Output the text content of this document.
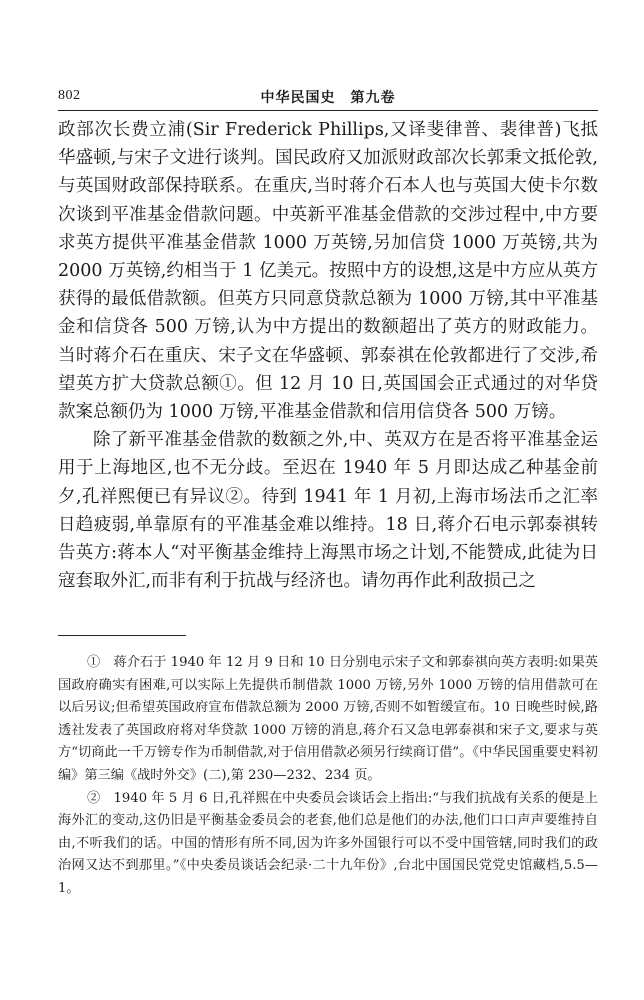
802	中华民国史　第九卷

政部次长费立浦(Sir Frederick Phillips,又译斐律普、裴律普)飞抵华盛顿,与宋子文进行谈判。国民政府又加派财政部次长郭秉文抵伦敦,与英国财政部保持联系。在重庆,当时蒋介石本人也与英国大使卡尔数次谈到平准基金借款问题。中英新平准基金借款的交涉过程中,中方要求英方提供平准基金借款 1000 万英镑,另加信贷 1000 万英镑,共为 2000 万英镑,约相当于 1 亿美元。按照中方的设想,这是中方应从英方获得的最低借款额。但英方只同意贷款总额为 1000 万镑,其中平准基金和信贷各 500 万镑,认为中方提出的数额超出了英方的财政能力。当时蒋介石在重庆、宋子文在华盛顿、郭泰祺在伦敦都进行了交涉,希望英方扩大贷款总额①。但 12 月 10 日,英国国会正式通过的对华贷款案总额仍为 1000 万镑,平准基金借款和信用信贷各 500 万镑。

除了新平准基金借款的数额之外,中、英双方在是否将平准基金运用于上海地区,也不无分歧。至迟在 1940 年 5 月即达成乙种基金前夕,孔祥熙便已有异议②。待到 1941 年 1 月初,上海市场法币之汇率日趋疲弱,单靠原有的平准基金难以维持。18 日,蒋介石电示郭泰祺转告英方:蒋本人“对平衡基金维持上海黑市场之计划,不能赞成,此徒为日寇套取外汇,而非有利于抗战与经济也。请勿再作此利敌损己之

①　蒋介石于 1940 年 12 月 9 日和 10 日分别电示宋子文和郭泰祺向英方表明:如果英国政府确实有困难,可以实际上先提供币制借款 1000 万镑,另外 1000 万镑的信用借款可在以后另议;但希望英国政府宣布借款总额为 2000 万镑,否则不如暂缓宣布。10 日晚些时候,路透社发表了英国政府将对华贷款 1000 万镑的消息,蒋介石又急电郭泰祺和宋子文,要求与英方“切商此一千万镑专作为币制借款,对于信用借款必须另行续商订借”。《中华民国重要史料初编》第三编《战时外交》(二),第 230—232、234 页。

②　1940 年 5 月 6 日,孔祥熙在中央委员会谈话会上指出:“与我们抗战有关系的便是上海外汇的变动,这仍旧是平衡基金委员会的老套,他们总是他们的办法,他们口口声声要维持自由,不听我们的话。中国的情形有所不同,因为许多外国银行可以不受中国管辖,同时我们的政治网又达不到那里。”《中央委员谈话会纪录·二十九年份》,台北中国国民党党史馆藏档,5.5—1。
